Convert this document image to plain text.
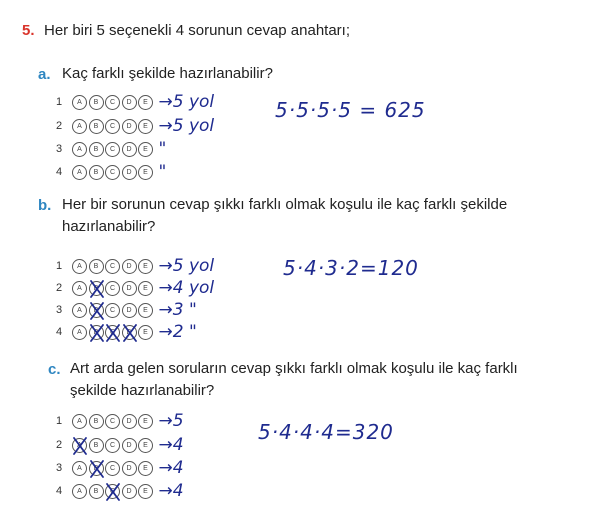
5. Her biri 5 seçenekli 4 sorunun cevap anahtarı;
a. Kaç farklı şekilde hazırlanabilir?
1	A B C D E →5 yol
2	A B C D E →5 yol
3	A B C D E "
4	A B C D E "
5·5·5·5 = 625
b. Her bir sorunun cevap şıkkı farklı olmak koşulu ile kaç farklı şekilde
hazırlanabilir?
1	A B C D E →5 yol
2	A B C D E →4 yol
3	A B C D E →3 "
4	A B C D E →2 "
5·4·3·2=120
c. Art arda gelen soruların cevap şıkkı farklı olmak koşulu ile kaç farklı
şekilde hazırlanabilir?
1	A B C D E →5
2	A B C D E →4
3	A B C D E →4
4	A B C D E →4
5·4·4·4=320
